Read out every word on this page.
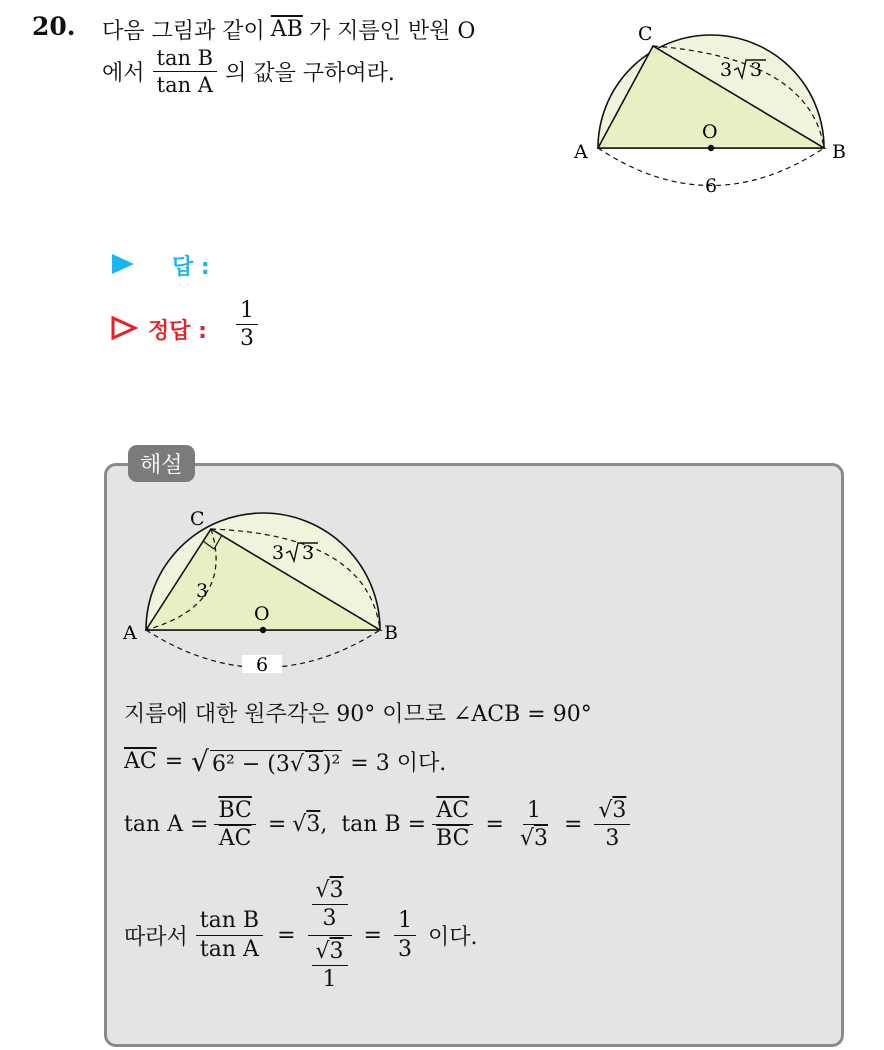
20. 다음 그림과 같이 $\overline{AB}$ 가 지름인 반원 O
에서 $\frac{\text{tan B}}{\text{tan A}}$ 의 값을 구하여라.
C
A	B
O
3 3
6
답 :
정답 : $\frac{1}{3}$
해설
C
A	B
O
3
3 3
6
지름에 대한 원주각은 90° 이므로 ∠ACB = 90°
$\overline{AC}$ = √ 6² − (3√ 3)² = 3 이다.
$\tan A = \frac{\overline{BC}}{AC}$ = √ 3 , $\tan B = \frac{\overline{AC}}{BC} = \frac{1}{√3} = \frac{√3}{3}$
따라서 $\frac{\text{tan B}}{\text{tan A}} = \frac{\frac{√3}{3}}{\frac{√3}{1}} = \frac{1}{3}$ 이다.
